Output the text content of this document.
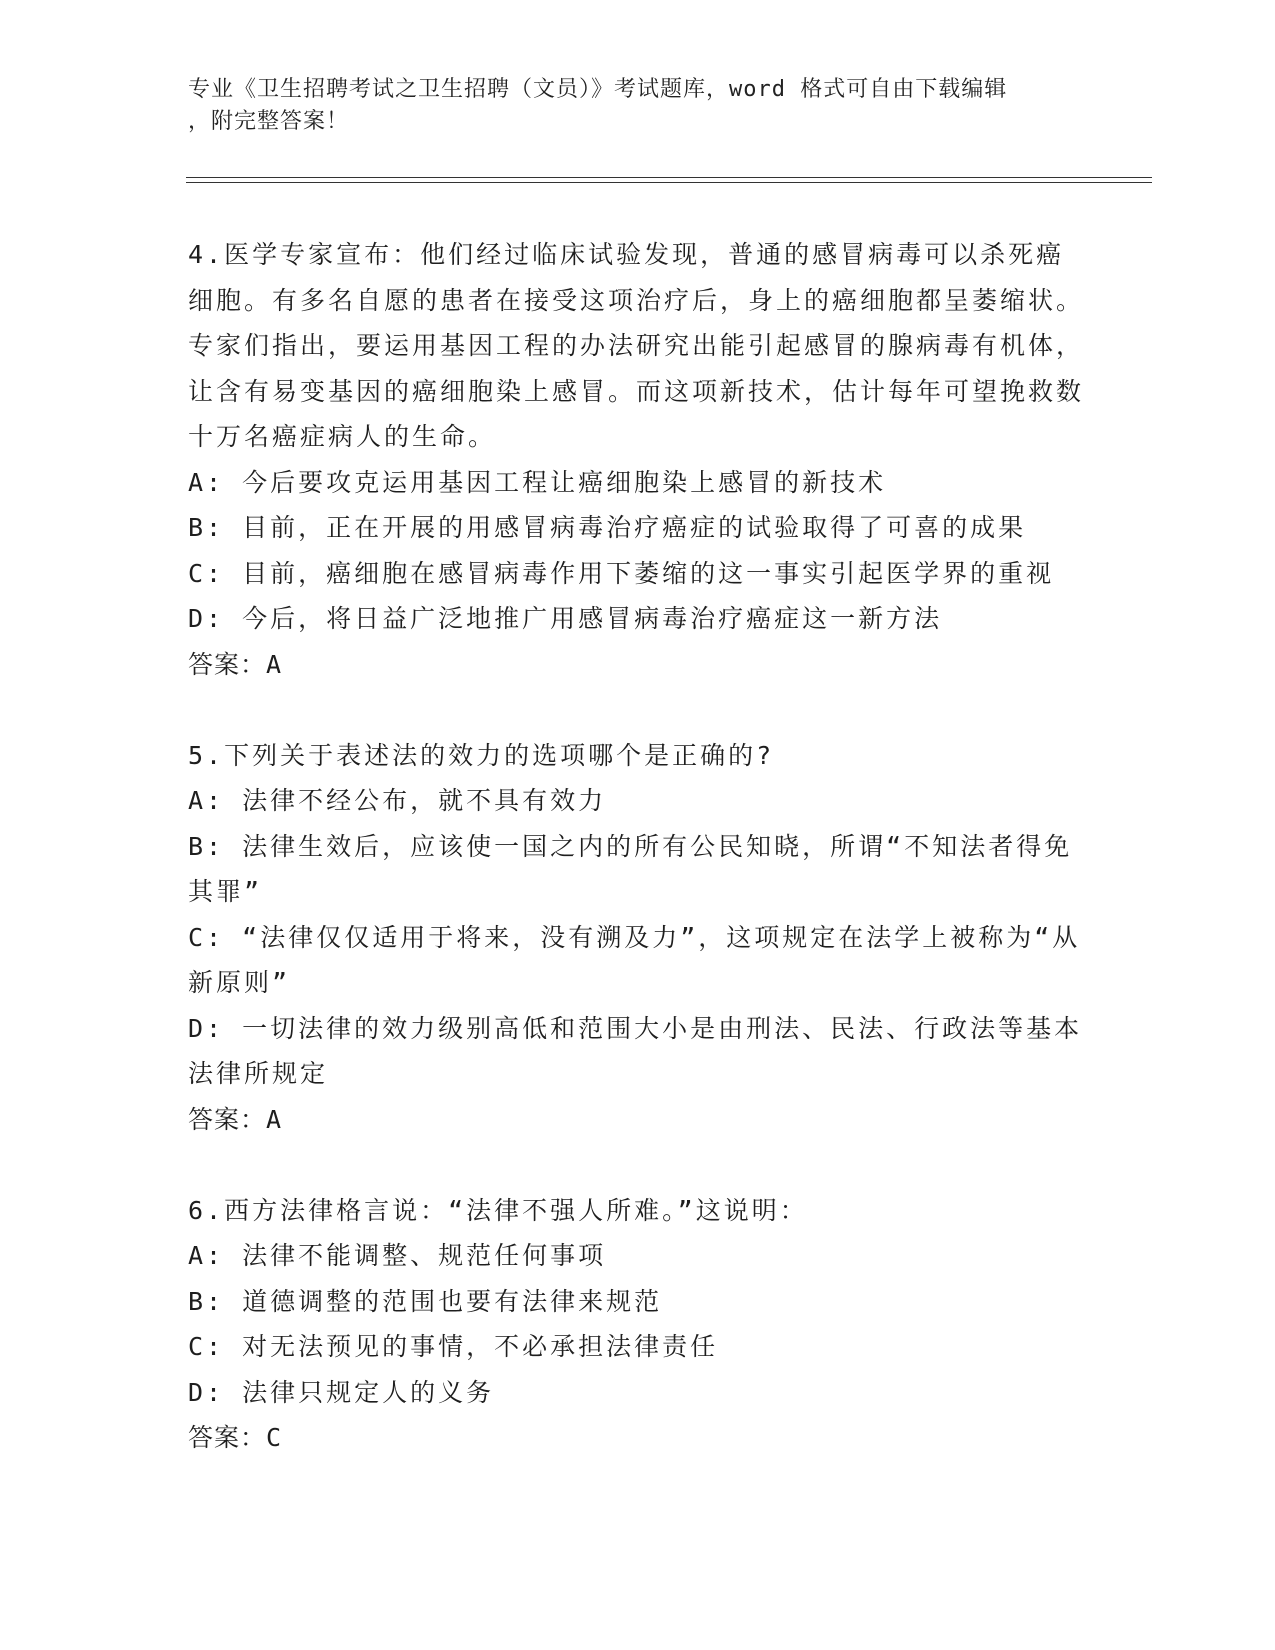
专业《卫生招聘考试之卫生招聘（文员）》考试题库，word 格式可自由下载编辑

，附完整答案！

4.医学专家宣布：他们经过临床试验发现，普通的感冒病毒可以杀死癌细胞。有多名自愿的患者在接受这项治疗后，身上的癌细胞都呈萎缩状。专家们指出，要运用基因工程的办法研究出能引起感冒的腺病毒有机体，让含有易变基因的癌细胞染上感冒。而这项新技术，估计每年可望挽救数十万名癌症病人的生命。

A: 今后要攻克运用基因工程让癌细胞染上感冒的新技术

B: 目前，正在开展的用感冒病毒治疗癌症的试验取得了可喜的成果

C: 目前，癌细胞在感冒病毒作用下萎缩的这一事实引起医学界的重视

D: 今后，将日益广泛地推广用感冒病毒治疗癌症这一新方法

答案：A

5.下列关于表述法的效力的选项哪个是正确的?

A: 法律不经公布，就不具有效力

B: 法律生效后，应该使一国之内的所有公民知晓，所谓“不知法者得免其罪”

C: “法律仅仅适用于将来，没有溯及力”，这项规定在法学上被称为“从新原则”

D: 一切法律的效力级别高低和范围大小是由刑法、民法、行政法等基本法律所规定

答案：A

6.西方法律格言说：“法律不强人所难。”这说明：

A: 法律不能调整、规范任何事项

B: 道德调整的范围也要有法律来规范

C: 对无法预见的事情，不必承担法律责任

D: 法律只规定人的义务

答案：C
